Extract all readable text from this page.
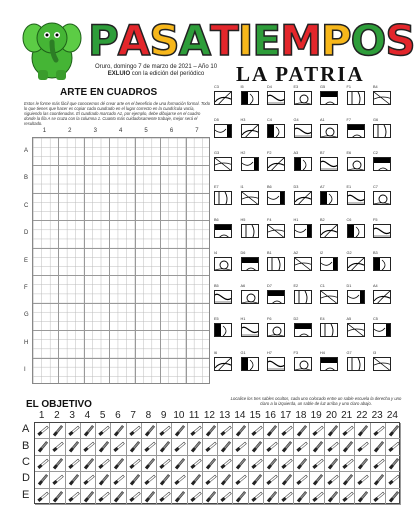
P A S A T I E M P O S
Oruro, domingo 7 de marzo de 2021 – Año 10
EXLUIO con la edición del periódico	LA PATRIA
ARTE EN CUADROS
Estos le forme más fácil que conocemos dé crear arte en el beneficio de una formación formal. Todo lo que tienes que hacer es copiar cada cuadrado en el lugar correcto en la cuadrícula vacía, siguiendo las coordenadas. El cuadrado marcado A1, por ejemplo, debe dibujarse en el cuadro donde la fila A se cruza con la columna 1. Cuanto más cuidadosamente trabaje, mejor será el resultado.
1	2	3	4	5	6	7
A
B
C
D
E
F
G
H
I
C3	I5	D4	E3	G5	F1	B4
D5	H3	C4	G4	A1	F7	G6
G3	H2	F2	A3	B7	E6	C2
E7	I1	B6	D3	A7	E1	C7
B6	H5	F4	H1	B2	C6	F5
I4	D6	B1	A2	I2	G2	B3
B5	A6	D7	E2	C1	D1	A4
E5	H1	F6	D2	E4	A5	C5
I6	G1	H7	F3	H4	G7	I3
EL OBJETIVO
Localice los tres sables ocultos, cada uno colocado entre un sable escuela la derecha y uno claro a la izquierda, un sable de luz arriba y uno claro abajo.
1 2 3 4 5 6 7 8 9 10 11 12 13 14 15 16 17 18 19 20 21 22 23 24
A
B
C
D
E
